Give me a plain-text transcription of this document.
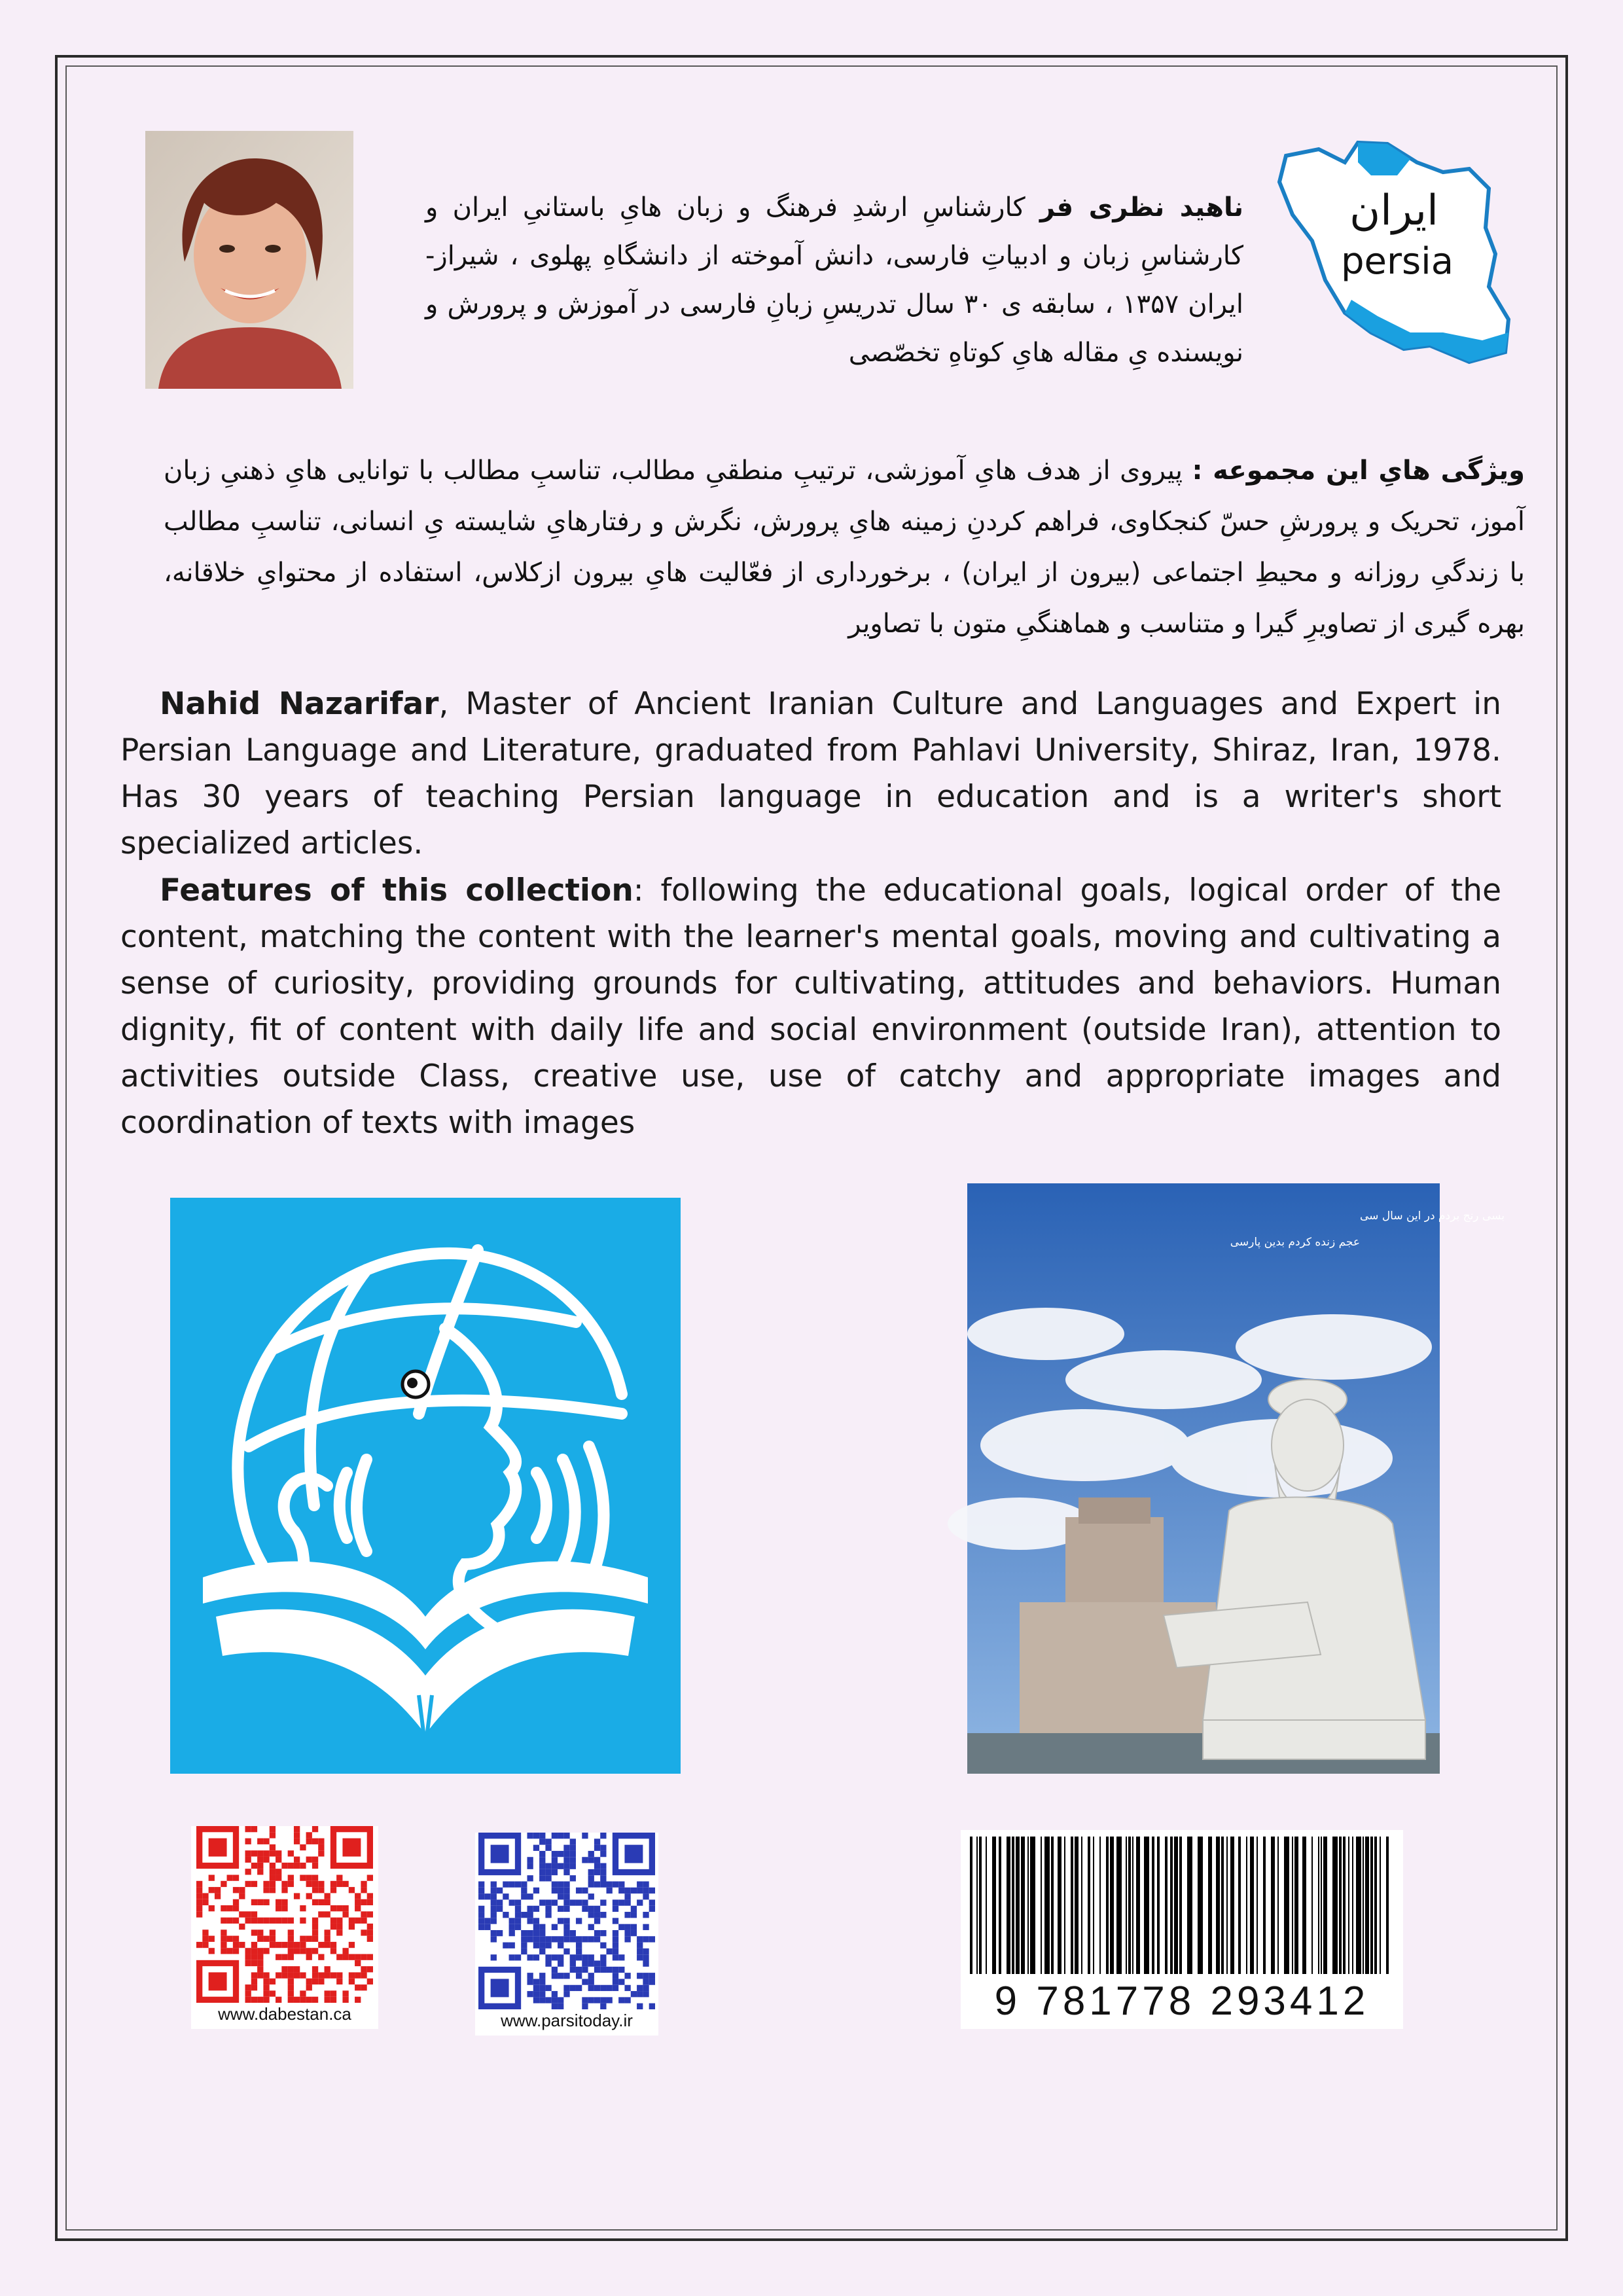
ایران
persia
ناهید نظری فر کارشناسِ ارشدِ فرهنگ و زبان هایِ باستانیِ ایران و کارشناسِ زبان و ادبیاتِ فارسی، دانش آموخته از دانشگاهِ پهلوی ، شیراز- ایران ۱۳۵۷ ، سابقه ی ۳۰ سال تدریسِ زبانِ فارسی در آموزش و پرورش و نویسنده یِ مقاله هایِ کوتاهِ تخصّصی
ویژگی هایِ این مجموعه : پیروی از هدف هایِ آموزشی، ترتیبِ منطقیِ مطالب، تناسبِ مطالب با توانایی هایِ ذهنیِ زبان آموز، تحریک و پرورشِ حسّ کنجکاوی، فراهم کردنِ زمینه هایِ پرورش، نگرش و رفتارهایِ شایسته یِ انسانی، تناسبِ مطالب با زندگیِ روزانه و محیطِ اجتماعی (بیرون از ایران) ، برخورداری از فعّالیت هایِ بیرون ازکلاس، استفاده از محتوایِ خلاقانه، بهره گیری از تصاویرِ گیرا و متناسب و هماهنگیِ متون با تصاویر
Nahid Nazarifar, Master of Ancient Iranian Culture and Languages and Expert in Persian Language and Literature, graduated from Pahlavi University, Shiraz, Iran, 1978. Has 30 years of teaching Persian language in education and is a writer's short specialized articles.
Features of this collection: following the educational goals, logical order of the content, matching the content with the learner's mental goals, moving and cultivating a sense of curiosity, providing grounds for cultivating, attitudes and behaviors. Human dignity, fit of content with daily life and social environment (outside Iran), attention to activities outside Class, creative use, use of catchy and appropriate images and coordination of texts with images
بسی رنج بردم در این سال سی
عجم زنده کردم بدین پارسی
www.dabestan.ca	www.parsitoday.ir	9 781778 293412
